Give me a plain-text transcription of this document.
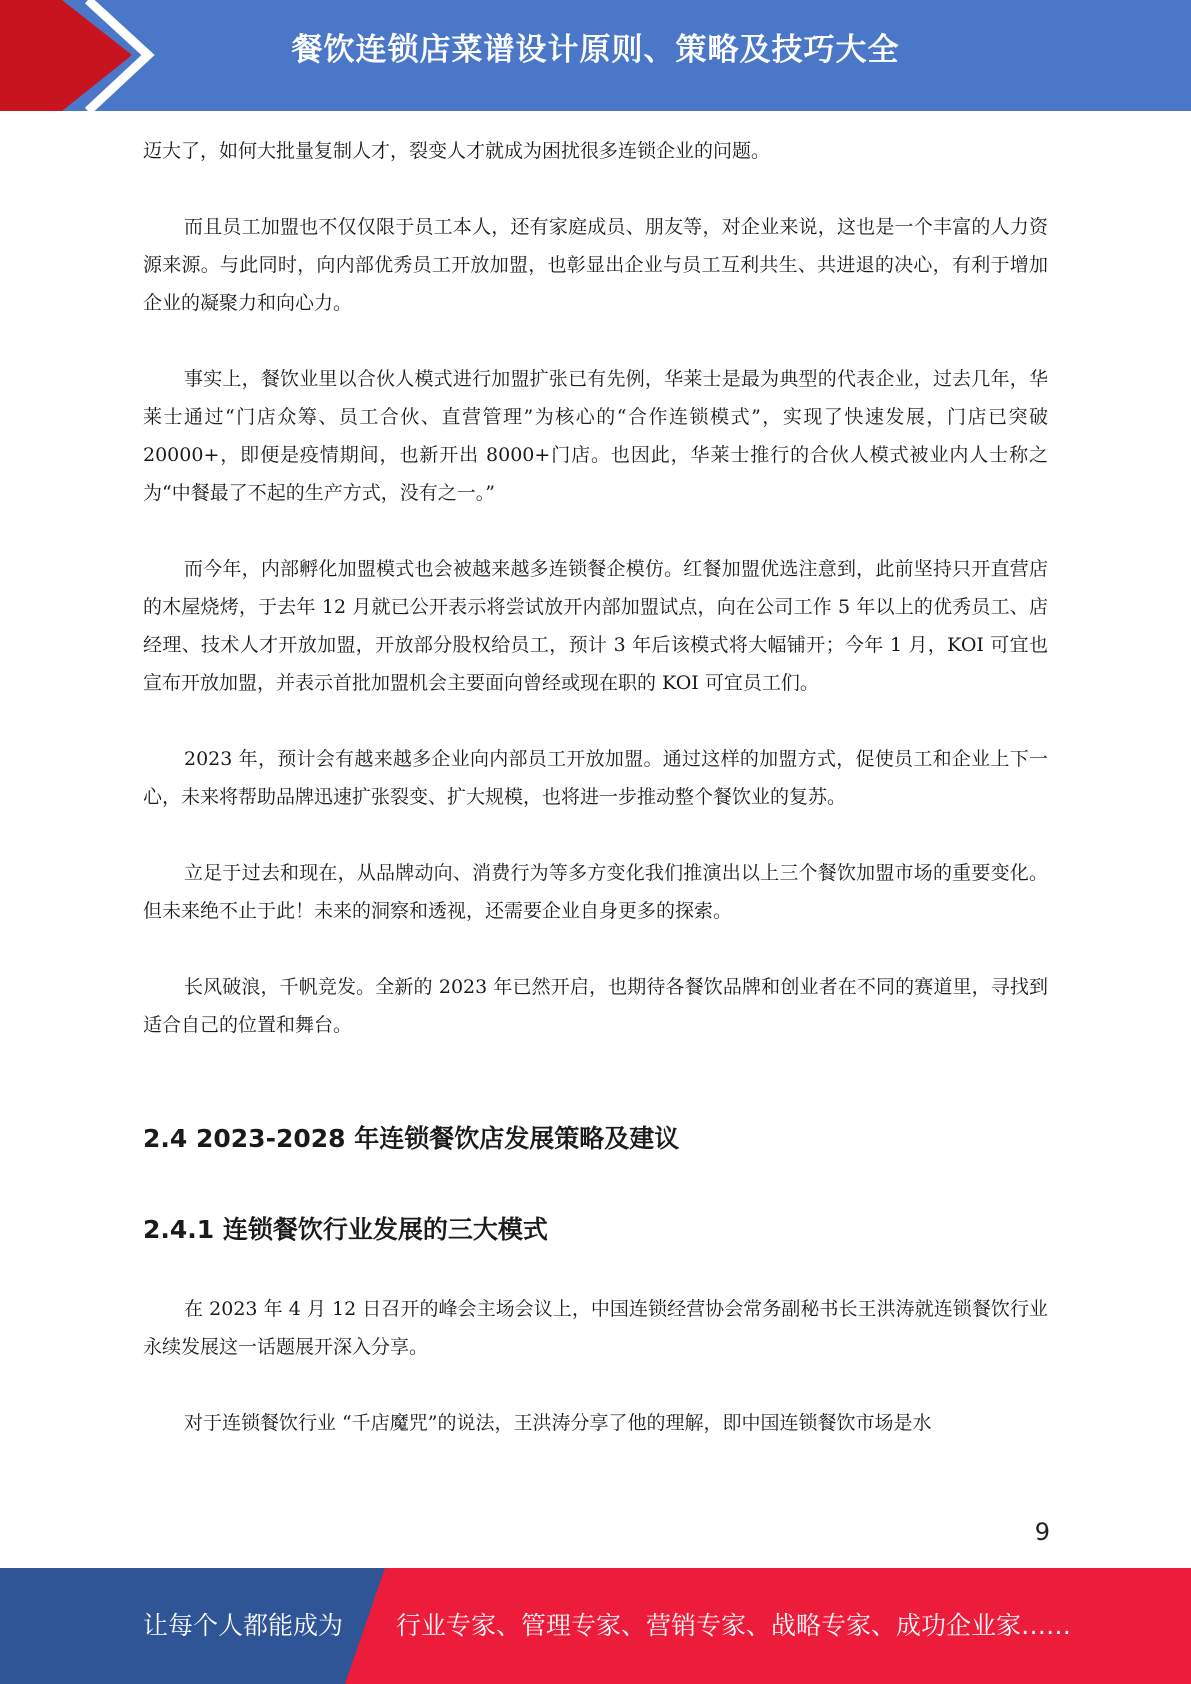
餐饮连锁店菜谱设计原则、策略及技巧大全

迈大了，如何大批量复制人才，裂变人才就成为困扰很多连锁企业的问题。

而且员工加盟也不仅仅限于员工本人，还有家庭成员、朋友等，对企业来说，这也是一个丰富的人力资源来源。与此同时，向内部优秀员工开放加盟，也彰显出企业与员工互利共生、共进退的决心，有利于增加企业的凝聚力和向心力。

事实上，餐饮业里以合伙人模式进行加盟扩张已有先例，华莱士是最为典型的代表企业，过去几年，华莱士通过“门店众筹、员工合伙、直营管理”为核心的“合作连锁模式”，实现了快速发展，门店已突破 20000+，即便是疫情期间，也新开出 8000+门店。也因此，华莱士推行的合伙人模式被业内人士称之为“中餐最了不起的生产方式，没有之一。”

而今年，内部孵化加盟模式也会被越来越多连锁餐企模仿。红餐加盟优选注意到，此前坚持只开直营店的木屋烧烤，于去年 12 月就已公开表示将尝试放开内部加盟试点，向在公司工作 5 年以上的优秀员工、店经理、技术人才开放加盟，开放部分股权给员工，预计 3 年后该模式将大幅铺开；今年 1 月，KOI 可宜也宣布开放加盟，并表示首批加盟机会主要面向曾经或现在职的 KOI 可宜员工们。

2023 年，预计会有越来越多企业向内部员工开放加盟。通过这样的加盟方式，促使员工和企业上下一心，未来将帮助品牌迅速扩张裂变、扩大规模，也将进一步推动整个餐饮业的复苏。

立足于过去和现在，从品牌动向、消费行为等多方变化我们推演出以上三个餐饮加盟市场的重要变化。但未来绝不止于此！未来的洞察和透视，还需要企业自身更多的探索。

长风破浪，千帆竞发。全新的 2023 年已然开启，也期待各餐饮品牌和创业者在不同的赛道里，寻找到适合自己的位置和舞台。

2.4 2023-2028 年连锁餐饮店发展策略及建议
2.4.1 连锁餐饮行业发展的三大模式

在 2023 年 4 月 12 日召开的峰会主场会议上，中国连锁经营协会常务副秘书长王洪涛就连锁餐饮行业永续发展这一话题展开深入分享。

对于连锁餐饮行业 “千店魔咒”的说法，王洪涛分享了他的理解，即中国连锁餐饮市场是水

9
让每个人都能成为 行业专家、管理专家、营销专家、战略专家、成功企业家……
